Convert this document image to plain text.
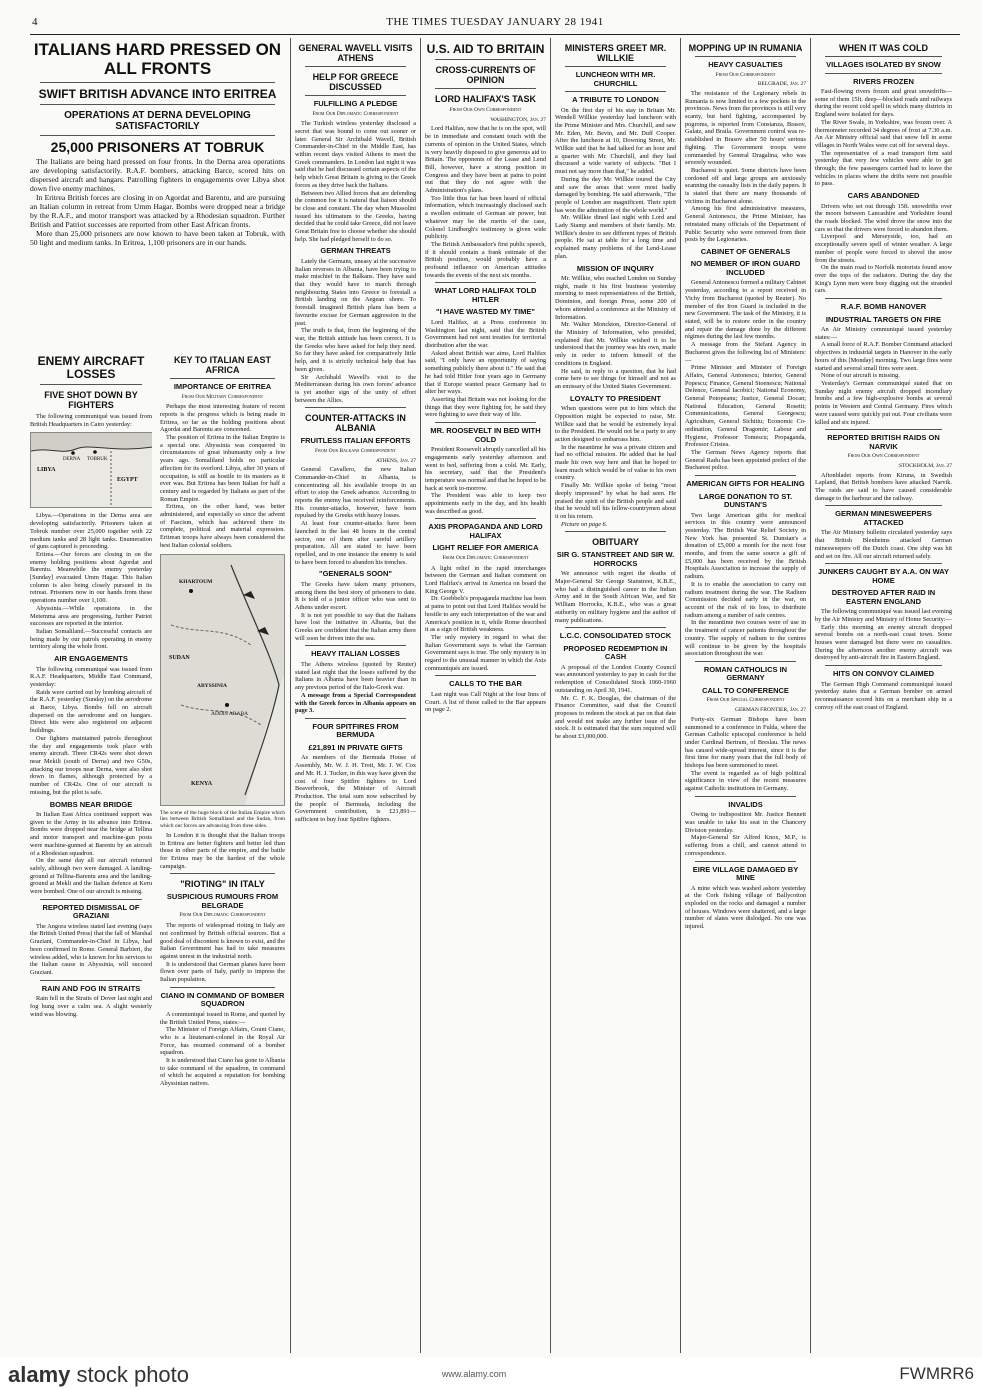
4	THE TIMES TUESDAY JANUARY 28 1941
ITALIANS HARD PRESSED ON ALL FRONTS
SWIFT BRITISH ADVANCE INTO ERITREA
OPERATIONS AT DERNA DEVELOPING SATISFACTORILY
25,000 PRISONERS AT TOBRUK

The Italians are being hard pressed on four fronts. In the Derna area operations are developing satisfactorily. R.A.F. bombers, attacking Barce, scored hits on dispersed aircraft and hangars. Patrolling fighters in engagements over Libya shot down five enemy machines.

In Eritrea British forces are closing in on Agordat and Barentu, and are pursuing an Italian column in retreat from Umm Hagar. Bombs were dropped near a bridge by the R.A.F., and motor transport was attacked by a Rhodesian squadron. Further British and Patriot successes are reported from other East African fronts.

More than 25,000 prisoners are now known to have been taken at Tobruk, with 50 light and medium tanks. In Eritrea, 1,100 prisoners are in our hands.

ENEMY AIRCRAFT LOSSES
FIVE SHOT DOWN BY FIGHTERS

The following communiqué was issued from British Headquarters in Cairo yesterday:

LIBYA
DERNA TOBRUK
EGYPT

Libya.—Operations in the Derna area are developing satisfactorily. Prisoners taken at Tobruk number over 25,000 together with 22 medium tanks and 28 light tanks. Enumeration of guns captured is proceeding.

Eritrea.—Our forces are closing in on the enemy holding positions about Agordat and Barentu. Meanwhile the enemy yesterday [Sunday] evacuated Umm Hagar. This Italian column is also being closely pursued in its retreat. Prisoners now in our hands from these operations number over 1,100.

Abyssinia.—While operations in the Metemma area are progressing, further Patriot successes are reported in the interior.

Italian Somaliland.—Successful contacts are being made by our patrols operating in enemy territory along the whole front.

AIR ENGAGEMENTS

The following communiqué was issued from R.A.F. Headquarters, Middle East Command, yesterday:

Raids were carried out by bombing aircraft of the R.A.F. yesterday (Sunday) on the aerodrome at Barce, Libya. Bombs fell on aircraft dispersed on the aerodrome and on hangars. Direct hits were also registered on adjacent buildings.

Our fighters maintained patrols throughout the day and engagements took place with enemy aircraft. Three CR42s were shot down near Mekili (south of Derna) and two G50s, attacking our troops near Derna, were also shot down in flames, although protected by a number of CR42s. One of our aircraft is missing, but the pilot is safe.

BOMBS NEAR BRIDGE

In Italian East Africa continued support was given to the Army in its advance into Eritrea. Bombs were dropped near the bridge at Tellina and motor transport and machine-gun posts were machine-gunned at Barentu by an aircraft of a Rhodesian squadron.

On the same day all our aircraft returned safely, although two were damaged. A landing-ground at Tellina-Barentu area and the landing-ground at Mekli and the Italian defence at Keru were bombed. One of our aircraft is missing.

REPORTED DISMISSAL OF GRAZIANI

The Angora wireless stated last evening (says the British United Press) that the fall of Marshal Graziani, Commander-in-Chief in Libya, had been confirmed in Rome. General Barbieri, the wireless added, who is known for his services to the Italian cause in Abyssinia, will succeed Graziani.

RAIN AND FOG IN STRAITS

Rain fell in the Straits of Dover last night and fog hung over a calm sea. A slight westerly wind was blowing.

KEY TO ITALIAN EAST AFRICA
IMPORTANCE OF ERITREA
From Our Military Correspondent

Perhaps the most interesting feature of recent reports is the progress which is being made in Eritrea, so far as the holding positions about Agordat and Barentu are concerned.

The position of Eritrea in the Italian Empire is a special one. Abyssinia was conquered in circumstances of great inhumanity only a few years ago. Somaliland holds no particular affection for its overlord. Libya, after 30 years of occupation, is still as hostile to its masters as it ever was. But Eritrea has been Italian for half a century and is regarded by Italians as part of the Roman Empire.

Eritrea, on the other hand, was better administered, and especially so since the advent of Fascism, which has achieved there its complete, political and material expression. Eritrean troops have always been considered the best Italian colonial soldiers.

KHARTOUM
SUDAN
ABYSSINIA
ADDIS ABABA
KENYA
The scene of the huge block of the Italian Empire which lies between British Somaliland and the Sudan, from which our forces are advancing from three sides.

In London it is thought that the Italian troops in Eritrea are better fighters and better led than those in other parts of the empire, and the battle for Eritrea may be the hardest of the whole campaign.

"RIOTING" IN ITALY
SUSPICIOUS RUMOURS FROM BELGRADE
From Our Diplomatic Correspondent

The reports of widespread rioting in Italy are not confirmed by British official sources. But a good deal of discontent is known to exist, and the Italian Government has had to take measures against unrest in the industrial north.

It is understood that German planes have been flown over parts of Italy, partly to impress the Italian population.

CIANO IN COMMAND OF BOMBER SQUADRON

A communiqué issued in Rome, and quoted by the British United Press, states:—

The Minister of Foreign Affairs, Count Ciano, who is a lieutenant-colonel in the Royal Air Force, has resumed command of a bomber squadron.

It is understood that Ciano has gone to Albania to take command of the squadron, in command of which he acquired a reputation for bombing Abyssinian natives.

GENERAL WAVELL VISITS ATHENS
HELP FOR GREECE DISCUSSED
FULFILLING A PLEDGE
From Our Diplomatic Correspondent

The Turkish wireless yesterday disclosed a secret that was bound to come out sooner or later. General Sir Archibald Wavell, British Commander-in-Chief in the Middle East, has within recent days visited Athens to meet the Greek commanders. In London last night it was said that he had discussed certain aspects of the help which Great Britain is giving to the Greek forces as they drive back the Italians.

Between two Allied forces that are defending the common foe it is natural that liaison should be close and constant. The day when Mussolini issued his ultimatum to the Greeks, having decided that he could take Greece, did not leave Great Britain free to choose whether she should help. She had pledged herself to do so.

GERMAN THREATS

Lately the Germans, uneasy at the successive Italian reverses in Albania, have been trying to make mischief in the Balkans. They have said that they would have to march through neighbouring States into Greece to forestall a British landing on the Aegean shore. To forestall imagined British plans has been a favourite excuse for German aggression in the past.

The truth is that, from the beginning of the war, the British attitude has been correct. It is the Greeks who have asked for help they need. So far they have asked for comparatively little help, and it is strictly technical help that has been given.

Sir Archibald Wavell's visit to the Mediterranean during his own forces' advance is yet another sign of the unity of effort between the Allies.

COUNTER-ATTACKS IN ALBANIA
FRUITLESS ITALIAN EFFORTS
From Our Balkans Correspondent
ATHENS, Jan. 27

General Cavallero, the new Italian Commander-in-Chief in Albania, is concentrating all his available troops in an effort to stop the Greek advance. According to reports the enemy has received reinforcements. His counter-attacks, however, have been repulsed by the Greeks with heavy losses.

At least four counter-attacks have been launched in the last 48 hours in the central sector, one of them after careful artillery preparation. All are stated to have been repelled, and in one instance the enemy is said to have been forced to abandon his trenches.

"GENERALS SOON"

The Greeks have taken many prisoners, among them the best story of prisoners to date. It is told of a junior officer who was sent to Athens under escort.

It is not yet possible to say that the Italians have lost the initiative in Albania, but the Greeks are confident that the Italian army there will soon be driven into the sea.

HEAVY ITALIAN LOSSES

The Athens wireless (quoted by Reuter) stated last night that the losses suffered by the Italians in Albania have been heavier than in any previous period of the Italo-Greek war.

A message from a Special Correspondent with the Greek forces in Albania appears on page 3.

FOUR SPITFIRES FROM BERMUDA
£21,891 IN PRIVATE GIFTS

As members of the Bermuda House of Assembly, Mr. W. J. H. Trott, Mr. J. W. Cox and Mr. H. J. Tucker, in this way have given the cost of four Spitfire fighters to Lord Beaverbrook, the Minister of Aircraft Production. The total sum now subscribed by the people of Bermuda, including the Government contribution, is £21,891—sufficient to buy four Spitfire fighters.

U.S. AID TO BRITAIN
CROSS-CURRENTS OF OPINION
LORD HALIFAX'S TASK
From Our Own Correspondent
WASHINGTON, Jan. 27

Lord Halifax, now that he is on the spot, will be in immediate and constant touch with the currents of opinion in the United States, which is very heavily disposed to give generous aid to Britain. The opponents of the Lease and Lend Bill, however, have a strong position in Congress and they have been at pains to point out that they do not agree with the Administration's plans.

Too little thus far has been heard of official information, which increasingly disclosed such a swollen estimate of German air power, but whatever may be the merits of the case, Colonel Lindbergh's testimony is given wide publicity.

The British Ambassador's first public speech, if it should contain a frank estimate of the British position, would probably have a profound influence on American attitudes towards the events of the next six months.

WHAT LORD HALIFAX TOLD HITLER
"I HAVE WASTED MY TIME"

Lord Halifax, at a Press conference in Washington last night, said that the British Government had not sent treaties for territorial distribution after the war.

Asked about British war aims, Lord Halifax said, "I only have an opportunity of saying something publicly there about it." He said that he had told Hitler four years ago in Germany that if Europe wanted peace Germany had to alter her ways.

Asserting that Britain was not looking for the things that they were fighting for, he said they were fighting to save their way of life.

MR. ROOSEVELT IN BED WITH COLD

President Roosevelt abruptly cancelled all his engagements early yesterday afternoon and went to bed, suffering from a cold. Mr. Early, his secretary, said that the President's temperature was normal and that he hoped to be back at work to-morrow.

The President was able to keep two appointments early in the day, and his health was described as good.

AXIS PROPAGANDA AND LORD HALIFAX
LIGHT RELIEF FOR AMERICA
From Our Diplomatic Correspondent

A light relief in the rapid interchanges between the German and Italian comment on Lord Halifax's arrival in America on board the King George V.

Dr. Goebbels's propaganda machine has been at pains to point out that Lord Halifax would be hostile to any such interpretation of the war and America's position in it, while Rome described it as a sign of British weakness.

The only mystery in regard to what the Italian Government says is what the German Government says is true. The only mystery is in regard to the unusual manner in which the Axis communiqués are issued.

CALLS TO THE BAR

Last night was Call Night at the four Inns of Court. A list of those called to the Bar appears on page 2.

MINISTERS GREET MR. WILLKIE
LUNCHEON WITH MR. CHURCHILL
A TRIBUTE TO LONDON

On the first day of his stay in Britain Mr. Wendell Willkie yesterday had luncheon with the Prime Minister and Mrs. Churchill, and saw Mr. Eden, Mr. Bevin, and Mr. Duff Cooper. After the luncheon at 10, Downing Street, Mr. Willkie said that he had talked for an hour and a quarter with Mr. Churchill, and they had discussed a wide variety of subjects. "But I must not say more than that," he added.

During the day Mr. Willkie toured the City and saw the areas that were most badly damaged by bombing. He said afterwards, "The people of London are magnificent. Their spirit has won the admiration of the whole world."

Mr. Willkie dined last night with Lord and Lady Stamp and members of their family. Mr. Willkie's desire to see different types of British people. He sat at table for a long time and explained many problems of the Lend-Lease plan.

MISSION OF INQUIRY

Mr. Willkie, who reached London on Sunday night, made it his first business yesterday morning to meet representatives of the British, Dominion, and foreign Press, some 200 of whom attended a conference at the Ministry of Information.

Mr. Walter Monckton, Director-General of the Ministry of Information, who presided, explained that Mr. Willkie wished it to be understood that the journey was his own, made only in order to inform himself of the conditions in England.

He said, in reply to a question, that he had come here to see things for himself and not as an emissary of the United States Government.

LOYALTY TO PRESIDENT

When questions were put to him which the Opposition might be expected to raise, Mr. Willkie said that he would be extremely loyal to the President. He would not be a party to any action designed to embarrass him.

In the meantime he was a private citizen and had no official mission. He added that he had made his own way here and that he hoped to learn much which would be of value to his own country.

Finally Mr. Willkie spoke of being "most deeply impressed" by what he had seen. He praised the spirit of the British people and said that he would tell his fellow-countrymen about it on his return.

Picture on page 6.

OBITUARY
SIR G. STANSTREET AND SIR W. HORROCKS

We announce with regret the deaths of Major-General Sir George Stanstreet, K.B.E., who had a distinguished career in the Indian Army and in the South African War, and Sir William Horrocks, K.B.E., who was a great authority on military hygiene and the author of many publications.

L.C.C. CONSOLIDATED STOCK
PROPOSED REDEMPTION IN CASH

A proposal of the London County Council was announced yesterday to pay in cash for the redemption of Consolidated Stock 1960-1960 outstanding on April 30, 1941.

Mr. C. F. K. Douglas, the chairman of the Finance Committee, said that the Council proposes to redeem the stock at par on that date and would not make any further issue of the stock. It is estimated that the sum required will be about £3,000,000.

MOPPING UP IN RUMANIA
HEAVY CASUALTIES
From Our Correspondent
BELGRADE, Jan. 27

The resistance of the Legionary rebels in Rumania is now limited to a few pockets in the provinces. News from the provinces is still very scanty, but hard fighting, accompanied by pogroms, is reported from Constanza, Brasov, Galatz, and Braila. Government control was re-established in Brasov after 50 hours' serious fighting. The Government troops were commanded by General Dragalina, who was severely wounded.

Bucharest is quiet. Some districts have been cordoned off and large groups are anxiously scanning the casualty lists in the daily papers. It is stated that there are many thousands of victims in Bucharest alone.

Among his first administrative measures, General Antonescu, the Prime Minister, has reinstated many officials of the Department of Public Security who were removed from their posts by the Legionaries.

CABINET OF GENERALS
NO MEMBER OF IRON GUARD INCLUDED

General Antonescu formed a military Cabinet yesterday, according to a report received in Vichy from Bucharest (quoted by Reuter). No member of the Iron Guard is included in the new Government. The task of the Ministry, it is stated, will be to restore order in the country and repair the damage done by the different régimes during the last few months.

A message from the Stefani Agency in Bucharest gives the following list of Ministers:—

Prime Minister and Minister of Foreign Affairs, General Antonescu; Interior, General Popescu; Finance, General Stoenescu; National Defence, General Iacobici; National Economy, General Potopeanu; Justice, General Docan; National Education, General Rosetti; Communications, General Georgescu; Agriculture, General Sichitiu; Economic Co-ordination, General Dragomir; Labour and Hygiene, Professor Tomescu; Propaganda, Professor Cristea.

The German News Agency reports that General Radu has been appointed prefect of the Bucharest police.

AMERICAN GIFTS FOR HEALING
LARGE DONATION TO ST. DUNSTAN'S

Two large American gifts for medical services in this country were announced yesterday. The British War Relief Society in New York has presented St. Dunstan's a donation of £5,000 a month for the next four months, and from the same source a gift of £5,000 has been received by the British Hospitals Association to increase the supply of radium.

It is to enable the association to carry out radium treatment during the war. The Radium Commission decided early in the war, on account of the risk of its loss, to distribute radium among a number of safe centres.

In the meantime two courses were of use in the treatment of cancer patients throughout the country. The supply of radium to the centres will continue to be given by the hospitals association throughout the war.

ROMAN CATHOLICS IN GERMANY
CALL TO CONFERENCE
From Our Special Correspondent
GERMAN FRONTIER, Jan. 27

Forty-six German Bishops have been summoned to a conference in Fulda, where the German Catholic episcopal conference is held under Cardinal Bertram, of Breslau. The news has caused wide-spread interest, since it is the first time for many years that the full body of bishops has been summoned to meet.

The event is regarded as of high political significance in view of the recent measures against Catholic institutions in Germany.

INVALIDS

Owing to indisposition Mr. Justice Bennett was unable to take his seat in the Chancery Division yesterday.

Major-General Sir Alfred Knox, M.P., is suffering from a chill, and cannot attend to correspondence.

EIRE VILLAGE DAMAGED BY MINE

A mine which was washed ashore yesterday at the Cork fishing village of Ballycotton exploded on the rocks and damaged a number of houses. Windows were shattered, and a large number of slates were dislodged. No one was injured.

WHEN IT WAS COLD
VILLAGES ISOLATED BY SNOW
RIVERS FROZEN

Fast-flowing rivers frozen and great snowdrifts—some of them 15ft. deep—blocked roads and railways during the recent cold spell in which many districts in England were isolated for days.

The River Swale, in Yorkshire, was frozen over. A thermometer recorded 34 degrees of frost at 7.30 a.m. An Air Ministry official said that snow fell in some villages in North Wales were cut off for several days.

The representative of a road transport firm said yesterday that very few vehicles were able to get through; the few passengers carried had to leave the vehicles in places where the drifts were not possible to pass.

CARS ABANDONED

Drivers who set out through 15ft. snowdrifts over the moors between Lancashire and Yorkshire found the roads blocked. The wind drove the snow into the cars so that the drivers were forced to abandon them.

Liverpool and Merseyside, too, had an exceptionally severe spell of winter weather. A large number of people were forced to shovel the snow from the streets.

On the main road to Norfolk motorists found snow over the tops of the radiators. During the day the King's Lynn men were busy digging out the stranded cars.

R.A.F. BOMB HANOVER
INDUSTRIAL TARGETS ON FIRE

An Air Ministry communiqué issued yesterday states:—

A small force of R.A.F. Bomber Command attacked objectives in industrial targets in Hanover in the early hours of this [Monday] morning. Two large fires were started and several small fires were seen.

None of our aircraft is missing.

Yesterday's German communiqué stated that on Sunday night enemy aircraft dropped incendiary bombs and a few high-explosive bombs at several points in Western and Central Germany. Fires which were caused were quickly put out. Four civilians were killed and six injured.

REPORTED BRITISH RAIDS ON NARVIK
From Our Own Correspondent
STOCKHOLM, Jan. 27

Aftonbladet reports from Kiruna, in Swedish Lapland, that British bombers have attacked Narvik. The raids are said to have caused considerable damage to the harbour and the railway.

GERMAN MINESWEEPERS ATTACKED

The Air Ministry bulletin circulated yesterday says that British Blenheims attacked German minesweepers off the Dutch coast. One ship was hit and set on fire. All our aircraft returned safely.

JUNKERS CAUGHT BY A.A. ON WAY HOME
DESTROYED AFTER RAID IN EASTERN ENGLAND

The following communiqué was issued last evening by the Air Ministry and Ministry of Home Security:—

Early this morning an enemy aircraft dropped several bombs on a north-east coast town. Some houses were damaged but there were no casualties. During the afternoon another enemy aircraft was destroyed by anti-aircraft fire in Eastern England.

HITS ON CONVOY CLAIMED

The German High Command communiqué issued yesterday states that a German bomber on armed reconnaissance scored hits on a merchant ship in a convoy off the east coast of England.

alamy stock photo	www.alamy.com	FWMRR6
